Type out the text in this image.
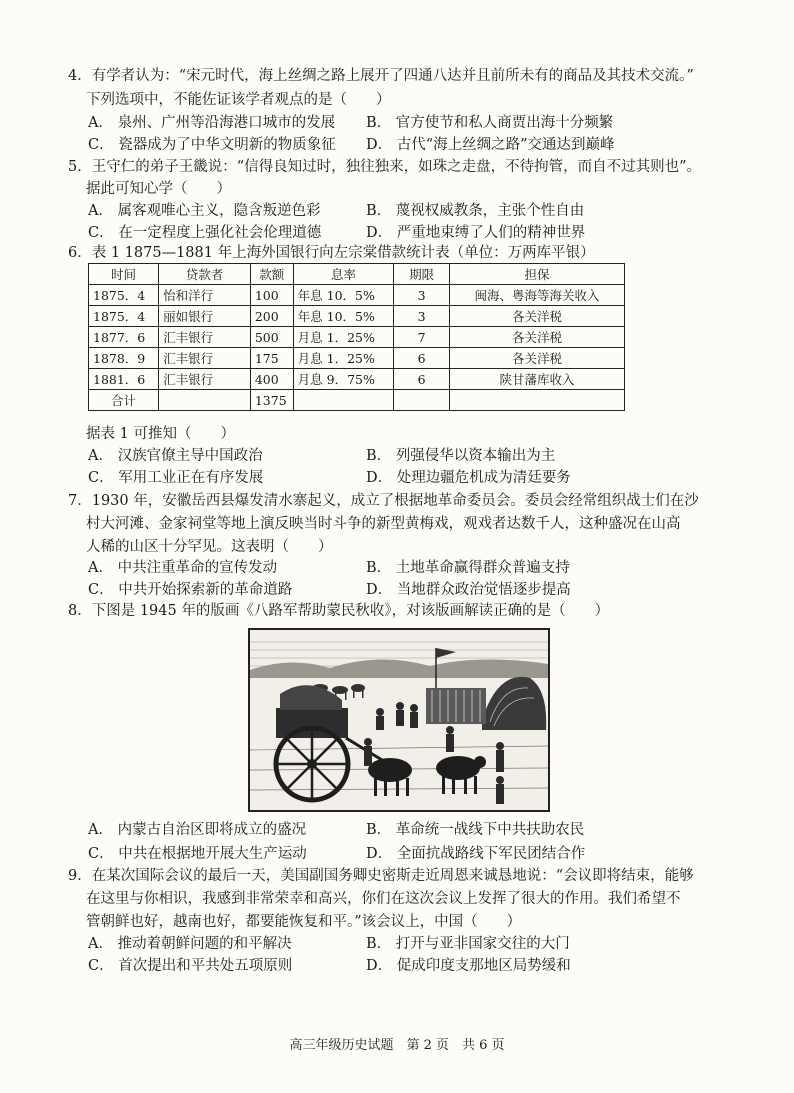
4．有学者认为：“宋元时代，海上丝绸之路上展开了四通八达并且前所未有的商品及其技术交流。”
下列选项中，不能佐证该学者观点的是（　　）
A． 泉州、广州等沿海港口城市的发展 B． 官方使节和私人商贾出海十分频繁
C． 瓷器成为了中华文明新的物质象征 D． 古代“海上丝绸之路”交通达到巅峰
5．王守仁的弟子王畿说：“信得良知过时，独往独来，如珠之走盘，不待拘管，而自不过其则也”。
据此可知心学（　　）
A． 属客观唯心主义，隐含叛逆色彩	B． 蔑视权威教条，主张个性自由
C． 在一定程度上强化社会伦理道德	D． 严重地束缚了人们的精神世界
6．表 1 1875—1881 年上海外国银行向左宗棠借款统计表（单位：万两库平银）
时间	贷款者	款额	息率	期限	担保
1875．4	怡和洋行	100	年息 10．5%	3	闽海、粤海等海关收入
1875．4	丽如银行	200	年息 10．5%	3	各关洋税
1877．6	汇丰银行	500	月息 1．25%	7	各关洋税
1878．9	汇丰银行	175	月息 1．25%	6	各关洋税
1881．6	汇丰银行	400	月息 9．75%	6	陕甘藩库收入
合计		1375			
据表 1 可推知（　　）
A． 汉族官僚主导中国政治	B． 列强侵华以资本输出为主
C． 军用工业正在有序发展	D． 处理边疆危机成为清廷要务
7．1930 年，安徽岳西县爆发清水寨起义，成立了根据地革命委员会。委员会经常组织战士们在沙
村大河滩、金家祠堂等地上演反映当时斗争的新型黄梅戏，观戏者达数千人，这种盛况在山高
人稀的山区十分罕见。这表明（　　）
A． 中共注重革命的宣传发动	B． 土地革命赢得群众普遍支持
C． 中共开始探索新的革命道路	D． 当地群众政治觉悟逐步提高
8．下图是 1945 年的版画《八路军帮助蒙民秋收》，对该版画解读正确的是（　　）
A． 内蒙古自治区即将成立的盛况	B． 革命统一战线下中共扶助农民
C． 中共在根据地开展大生产运动	D． 全面抗战路线下军民团结合作
9．在某次国际会议的最后一天，美国副国务卿史密斯走近周恩来诚恳地说：“会议即将结束，能够
在这里与你相识，我感到非常荣幸和高兴，你们在这次会议上发挥了很大的作用。我们希望不
管朝鲜也好，越南也好，都要能恢复和平。”该会议上，中国（　　）
A． 推动着朝鲜问题的和平解决	B． 打开与亚非国家交往的大门
C． 首次提出和平共处五项原则	D． 促成印度支那地区局势缓和
高三年级历史试题　第 2 页　共 6 页
